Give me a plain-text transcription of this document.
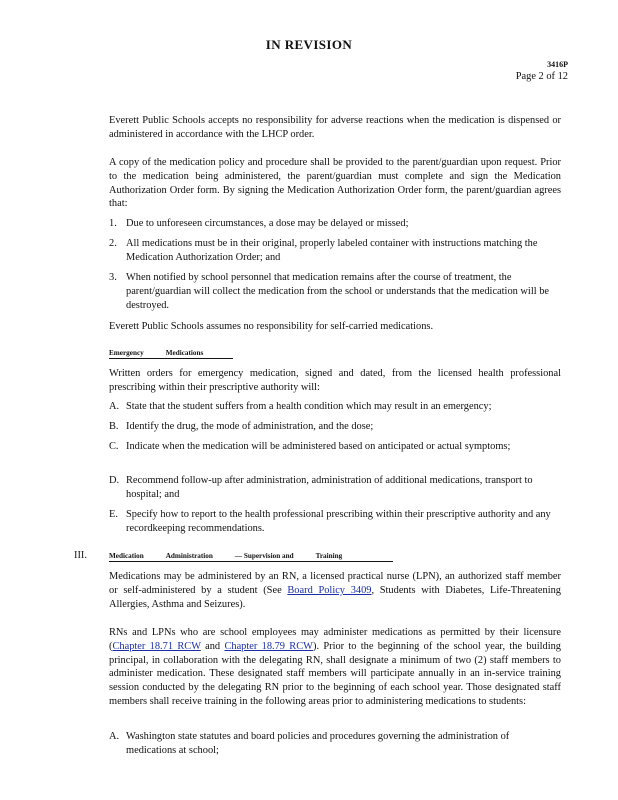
IN REVISION
3416P
Page 2 of 12
Everett Public Schools accepts no responsibility for adverse reactions when the medication is dispensed or administered in accordance with the LHCP order.
A copy of the medication policy and procedure shall be provided to the parent/guardian upon request. Prior to the medication being administered, the parent/guardian must complete and sign the Medication Authorization Order form. By signing the Medication Authorization Order form, the parent/guardian agrees that:
1. Due to unforeseen circumstances, a dose may be delayed or missed;
2. All medications must be in their original, properly labeled container with instructions matching the Medication Authorization Order; and
3. When notified by school personnel that medication remains after the course of treatment, the parent/guardian will collect the medication from the school or understands that the medication will be destroyed.
Everett Public Schools assumes no responsibility for self-carried medications.
Emergency	Medications
Written orders for emergency medication, signed and dated, from the licensed health professional prescribing within their prescriptive authority will:
A. State that the student suffers from a health condition which may result in an emergency;
B. Identify the drug, the mode of administration, and the dose;
C. Indicate when the medication will be administered based on anticipated or actual symptoms;
D. Recommend follow-up after administration, administration of additional medications, transport to hospital; and
E. Specify how to report to the health professional prescribing within their prescriptive authority and any recordkeeping recommendations.
III.	Medication	Administration	— Supervision and	Training
Medications may be administered by an RN, a licensed practical nurse (LPN), an authorized staff member or self-administered by a student (See Board Policy 3409, Students with Diabetes, Life-Threatening Allergies, Asthma and Seizures).
RNs and LPNs who are school employees may administer medications as permitted by their licensure (Chapter 18.71 RCW and Chapter 18.79 RCW). Prior to the beginning of the school year, the building principal, in collaboration with the delegating RN, shall designate a minimum of two (2) staff members to administer medication. These designated staff members will participate annually in an in-service training session conducted by the delegating RN prior to the beginning of each school year. Those designated staff members shall receive training in the following areas prior to administering medications to students:
A. Washington state statutes and board policies and procedures governing the administration of medications at school;
